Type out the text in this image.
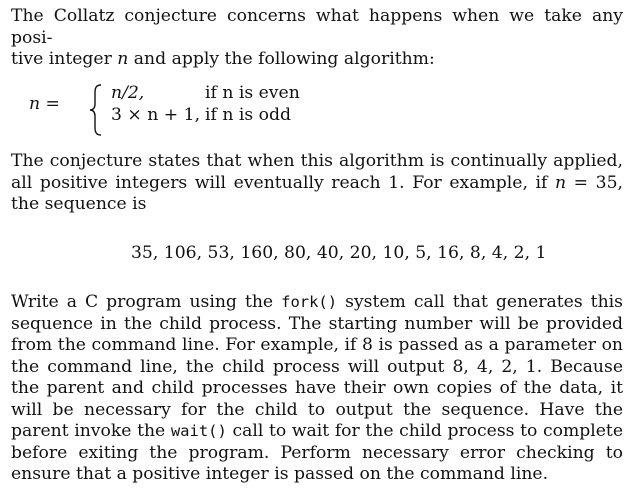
The Collatz conjecture concerns what happens when we take any posi-

tive integer n and apply the following algorithm:

n =
n/2,	if n is even
3 × n + 1, if n is odd

The conjecture states that when this algorithm is continually applied, all positive integers will eventually reach 1. For example, if n = 35, the sequence is

35, 106, 53, 160, 80, 40, 20, 10, 5, 16, 8, 4, 2, 1

Write a C program using the fork() system call that generates this sequence in the child process. The starting number will be provided from the command line. For example, if 8 is passed as a parameter on the command line, the child process will output 8, 4, 2, 1. Because the parent and child processes have their own copies of the data, it will be necessary for the child to output the sequence. Have the parent invoke the wait() call to wait for the child process to complete before exiting the program. Perform necessary error checking to ensure that a positive integer is passed on the command line.
